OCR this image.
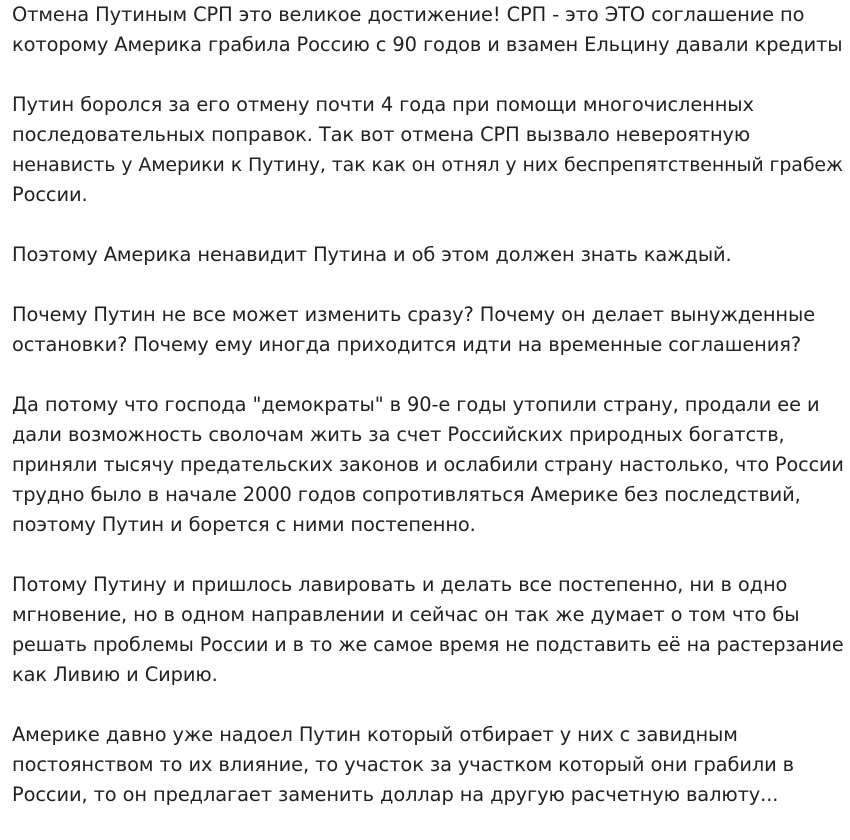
Отмена Путиным СРП это великое достижение! СРП - это ЭТО соглашение по
которому Америка грабила Россию с 90 годов и взамен Ельцину давали кредиты

Путин боролся за его отмену почти 4 года при помощи многочисленных
последовательных поправок. Так вот отмена СРП вызвало невероятную
ненависть у Америки к Путину, так как он отнял у них беспрепятственный грабеж
России.

Поэтому Америка ненавидит Путина и об этом должен знать каждый.

Почему Путин не все может изменить сразу? Почему он делает вынужденные
остановки? Почему ему иногда приходится идти на временные соглашения?

Да потому что господа "демократы" в 90-е годы утопили страну, продали ее и
дали возможность сволочам жить за счет Российских природных богатств,
приняли тысячу предательских законов и ослабили страну настолько, что России
трудно было в начале 2000 годов сопротивляться Америке без последствий,
поэтому Путин и борется с ними постепенно.

Потому Путину и пришлось лавировать и делать все постепенно, ни в одно
мгновение, но в одном направлении и сейчас он так же думает о том что бы
решать проблемы России и в то же самое время не подставить её на растерзание
как Ливию и Сирию.

Америке давно уже надоел Путин который отбирает у них с завидным
постоянством то их влияние, то участок за участком который они грабили в
России, то он предлагает заменить доллар на другую расчетную валюту...
